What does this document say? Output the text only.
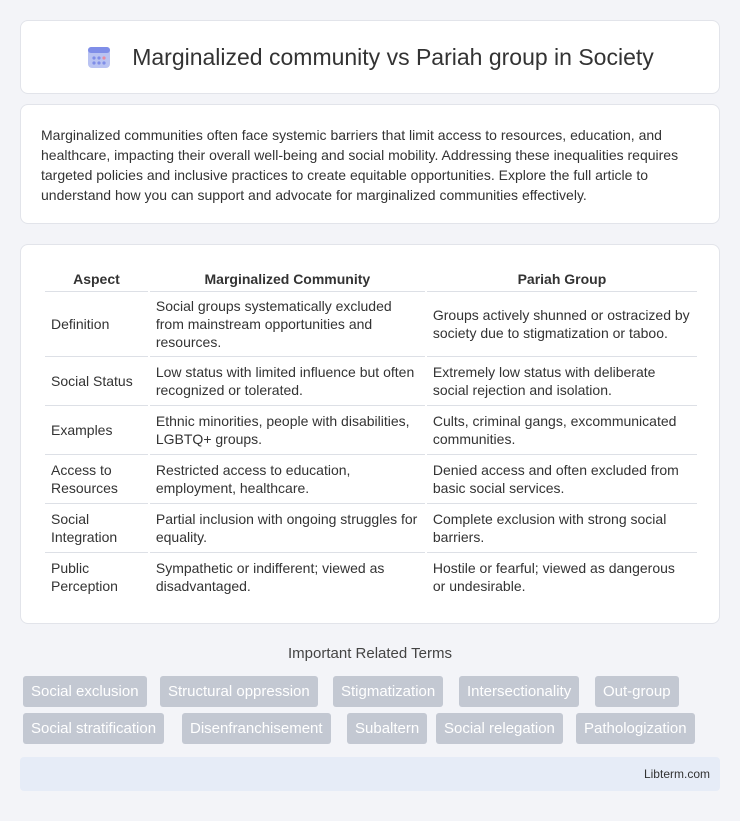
Marginalized community vs Pariah group in Society

Marginalized communities often face systemic barriers that limit access to resources, education, and healthcare, impacting their overall well-being and social mobility. Addressing these inequalities requires targeted policies and inclusive practices to create equitable opportunities. Explore the full article to understand how you can support and advocate for marginalized communities effectively.

Aspect	Marginalized Community	Pariah Group
Definition	Social groups systematically excluded from mainstream opportunities and resources.	Groups actively shunned or ostracized by society due to stigmatization or taboo.
Social Status	Low status with limited influence but often recognized or tolerated.	Extremely low status with deliberate social rejection and isolation.
Examples	Ethnic minorities, people with disabilities, LGBTQ+ groups.	Cults, criminal gangs, excommunicated communities.
Access to Resources	Restricted access to education, employment, healthcare.	Denied access and often excluded from basic social services.
Social Integration	Partial inclusion with ongoing struggles for equality.	Complete exclusion with strong social barriers.
Public Perception	Sympathetic or indifferent; viewed as disadvantaged.	Hostile or fearful; viewed as dangerous or undesirable.
Important Related Terms
Social exclusion	Structural oppression	Stigmatization	Intersectionality	Out-group
Social stratification	Disenfranchisement	Subaltern	Social relegation	Pathologization
Libterm.com
